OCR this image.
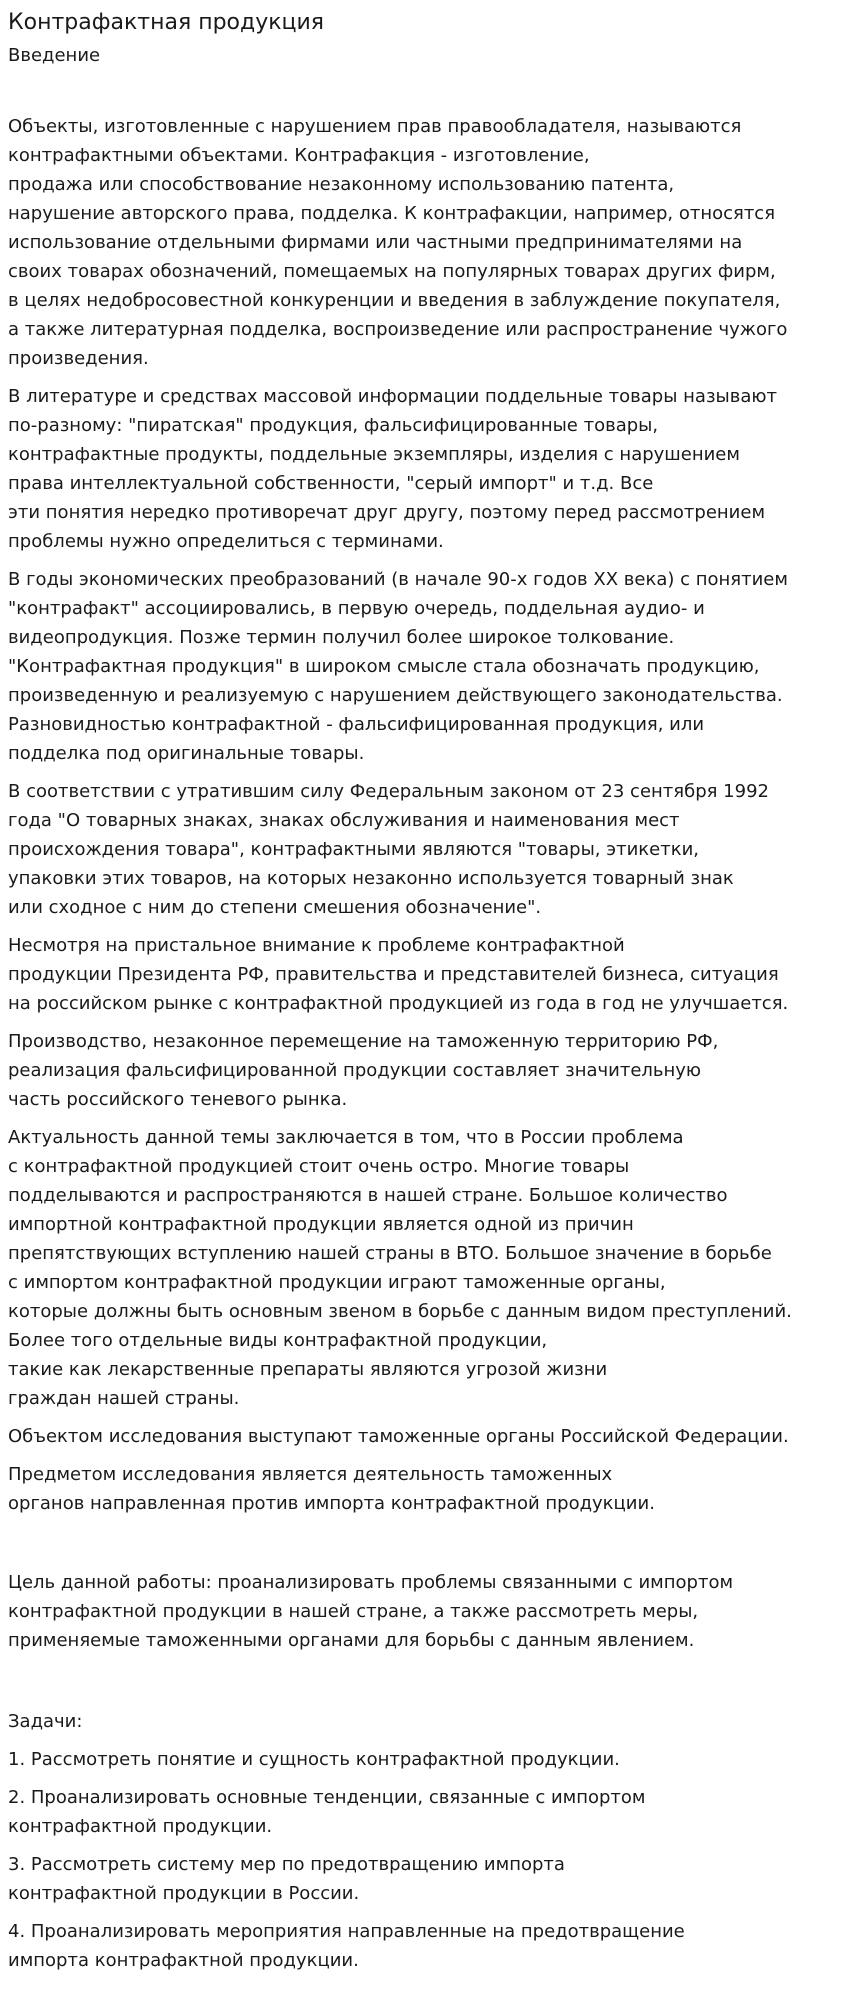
Контрафактная продукция
Введение

Объекты, изготовленные с нарушением прав правообладателя, называются
контрафактными объектами. Контрафакция - изготовление,
продажа или способствование незаконному использованию патента,
нарушение авторского права, подделка. К контрафакции, например, относятся
использование отдельными фирмами или частными предпринимателями на
своих товарах обозначений, помещаемых на популярных товарах других фирм,
в целях недобросовестной конкуренции и введения в заблуждение покупателя,
а также литературная подделка, воспроизведение или распространение чужого
произведения.

В литературе и средствах массовой информации поддельные товары называют
по-разному: "пиратская" продукция, фальсифицированные товары,
контрафактные продукты, поддельные экземпляры, изделия с нарушением
права интеллектуальной собственности, "серый импорт" и т.д. Все
эти понятия нередко противоречат друг другу, поэтому перед рассмотрением
проблемы нужно определиться с терминами.

В годы экономических преобразований (в начале 90-х годов XX века) с понятием
"контрафакт" ассоциировались, в первую очередь, поддельная аудио- и
видеопродукция. Позже термин получил более широкое толкование.
"Контрафактная продукция" в широком смысле стала обозначать продукцию,
произведенную и реализуемую с нарушением действующего законодательства.
Разновидностью контрафактной - фальсифицированная продукция, или
подделка под оригинальные товары.

В соответствии с утратившим силу Федеральным законом от 23 сентября 1992
года "О товарных знаках, знаках обслуживания и наименования мест
происхождения товара", контрафактными являются "товары, этикетки,
упаковки этих товаров, на которых незаконно используется товарный знак
или сходное с ним до степени смешения обозначение".

Несмотря на пристальное внимание к проблеме контрафактной
продукции Президента РФ, правительства и представителей бизнеса, ситуация
на российском рынке с контрафактной продукцией из года в год не улучшается.

Производство, незаконное перемещение на таможенную территорию РФ,
реализация фальсифицированной продукции составляет значительную
часть российского теневого рынка.

Актуальность данной темы заключается в том, что в России проблема
с контрафактной продукцией стоит очень остро. Многие товары
подделываются и распространяются в нашей стране. Большое количество
импортной контрафактной продукции является одной из причин
препятствующих вступлению нашей страны в ВТО. Большое значение в борьбе
с импортом контрафактной продукции играют таможенные органы,
которые должны быть основным звеном в борьбе с данным видом преступлений.
Более того отдельные виды контрафактной продукции,
такие как лекарственные препараты являются угрозой жизни
граждан нашей страны.

Объектом исследования выступают таможенные органы Российской Федерации.

Предметом исследования является деятельность таможенных
органов направленная против импорта контрафактной продукции.

Цель данной работы: проанализировать проблемы связанными с импортом
контрафактной продукции в нашей стране, а также рассмотреть меры,
применяемые таможенными органами для борьбы с данным явлением.

Задачи:

1. Рассмотреть понятие и сущность контрафактной продукции.

2. Проанализировать основные тенденции, связанные с импортом
контрафактной продукции.

3. Рассмотреть систему мер по предотвращению импорта
контрафактной продукции в России.

4. Проанализировать мероприятия направленные на предотвращение
импорта контрафактной продукции.
